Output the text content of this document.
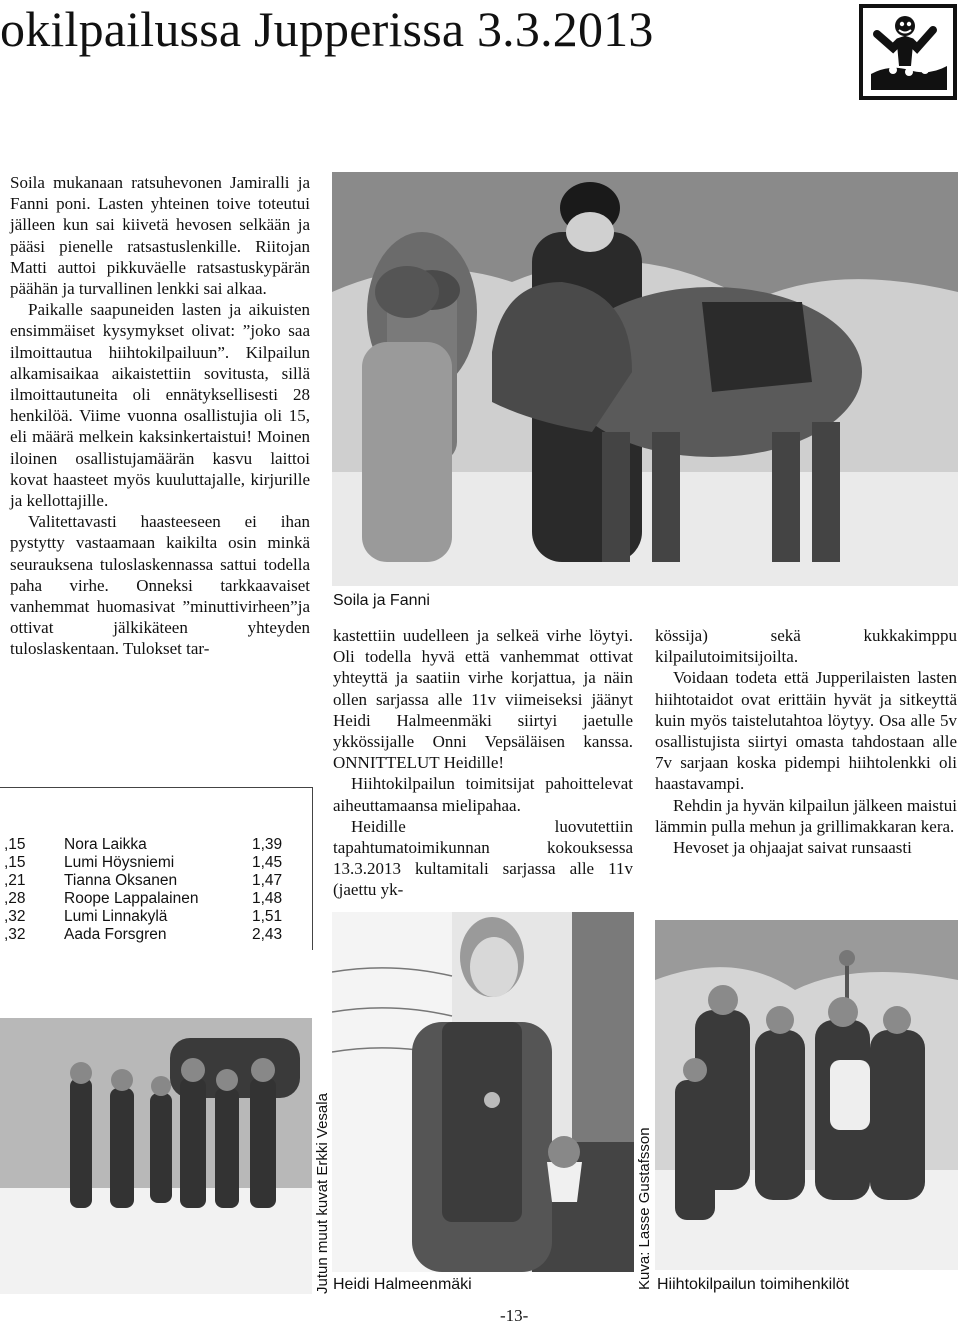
okilpailussa Jupperissa 3.3.2013
Soila ja Fanni

Soila mukanaan ratsuhevonen Jamiralli ja Fanni poni. Lasten yhteinen toive toteutui jälleen kun sai kiivetä hevosen selkään ja pääsi pienelle ratsastuslenkille. Riitojan Matti auttoi pikkuväelle ratsastuskypärän päähän ja turvallinen lenkki sai alkaa.

Paikalle saapuneiden lasten ja aikuisten ensimmäiset kysymykset olivat: ”joko saa ilmoittautua hiihtokilpailuun”. Kilpailun alkamisaikaa aikaistettiin sovitusta, sillä ilmoittautuneita oli ennätyksellisesti 28 henkilöä. Viime vuonna osallistujia oli 15, eli määrä melkein kaksinkertaistui! Moinen iloinen osallistujamäärän kasvu laittoi kovat haasteet myös kuuluttajalle, kirjurille ja kellottajille.

Valitettavasti haasteeseen ei ihan pystytty vastaamaan kaikilta osin minkä seurauksena tuloslaskennassa sattui todella paha virhe. Onneksi tarkkaavaiset vanhemmat huomasivat ”minuttivirheen”ja ottivat jälkikäteen yhteyden tuloslaskentaan. Tulokset tar-

kastettiin uudelleen ja selkeä virhe löytyi. Oli todella hyvä että vanhemmat ottivat yhteyttä ja saatiin virhe korjattua, ja näin ollen sarjassa alle 11v viimeiseksi jäänyt Heidi Halmeenmäki siirtyi jaetulle ykkössijalle Onni Vepsäläisen kanssa. ONNITTELUT Heidille!

Hiihtokilpailun toimitsijat pahoittelevat aiheuttamaansa mielipahaa.

Heidille luovutettiin tapahtumatoimikunnan kokouksessa 13.3.2013 kultamitali sarjassa alle 11v (jaettu yk-

kössija) sekä kukkakimppu kilpailutoimitsijoilta.

Voidaan todeta että Jupperilaisten lasten hiihtotaidot ovat erittäin hyvät ja sitkeyttä kuin myös taistelutahtoa löytyy. Osa alle 5v osallistujista siirtyi omasta tahdostaan alle 7v sarjaan koska pidempi hiihtolenkki oli haastavampi.

Rehdin ja hyvän kilpailun jälkeen maistui lämmin pulla mehun ja grillimakkaran kera.

Hevoset ja ohjaajat saivat runsaasti

,15	Nora Laikka	1,39
,15	Lumi Höysniemi	1,45
,21	Tianna Oksanen	1,47
,28	Roope Lappalainen	1,48
,32	Lumi Linnakylä	1,51
,32	Aada Forsgren	2,43
Jutun muut kuvat Erkki Vesala Heidi Halmeenmäki	Kuva: Lasse Gustafsson Hiihtokilpailun toimihenkilöt
-13-
